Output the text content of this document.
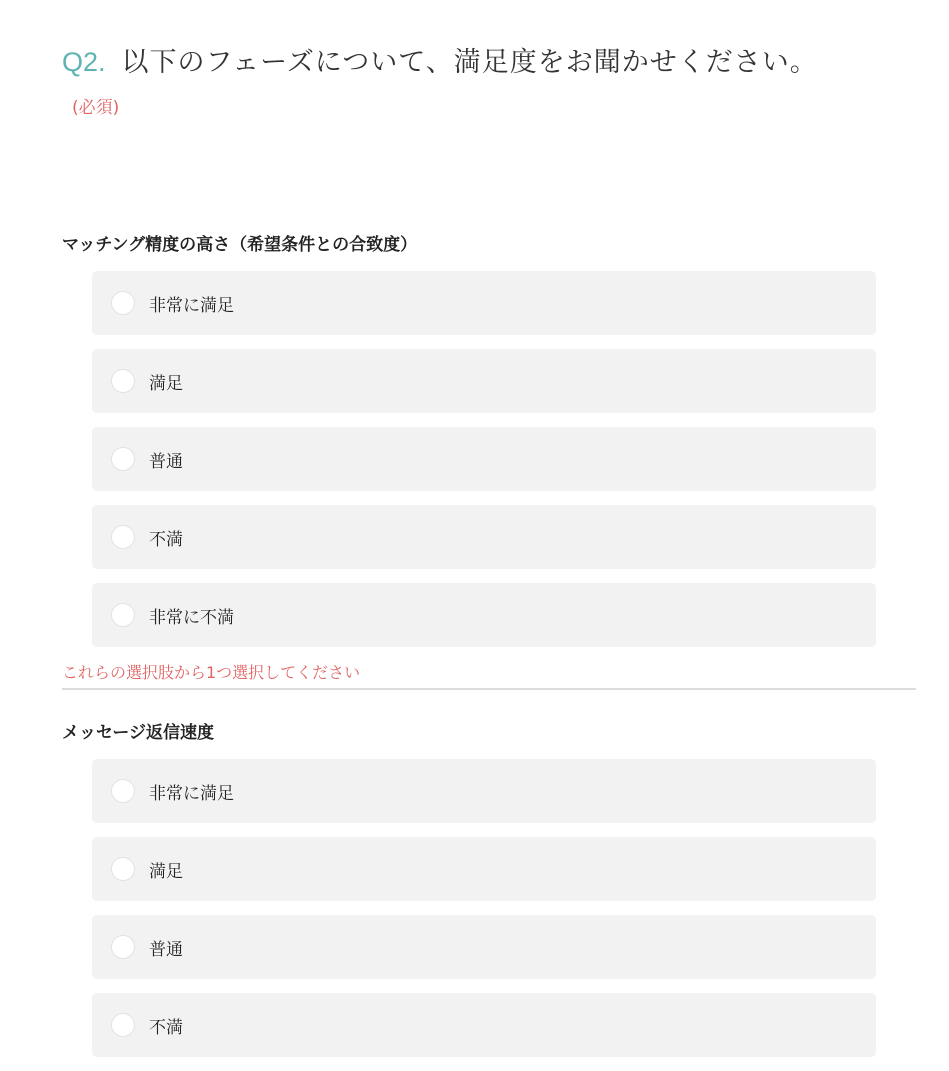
Q2. 以下のフェーズについて、満足度をお聞かせください。
(必須)

マッチング精度の高さ（希望条件との合致度）

非常に満足
満足
普通
不満
非常に不満

これらの選択肢から1つ選択してください

メッセージ返信速度

非常に満足
満足
普通
不満
